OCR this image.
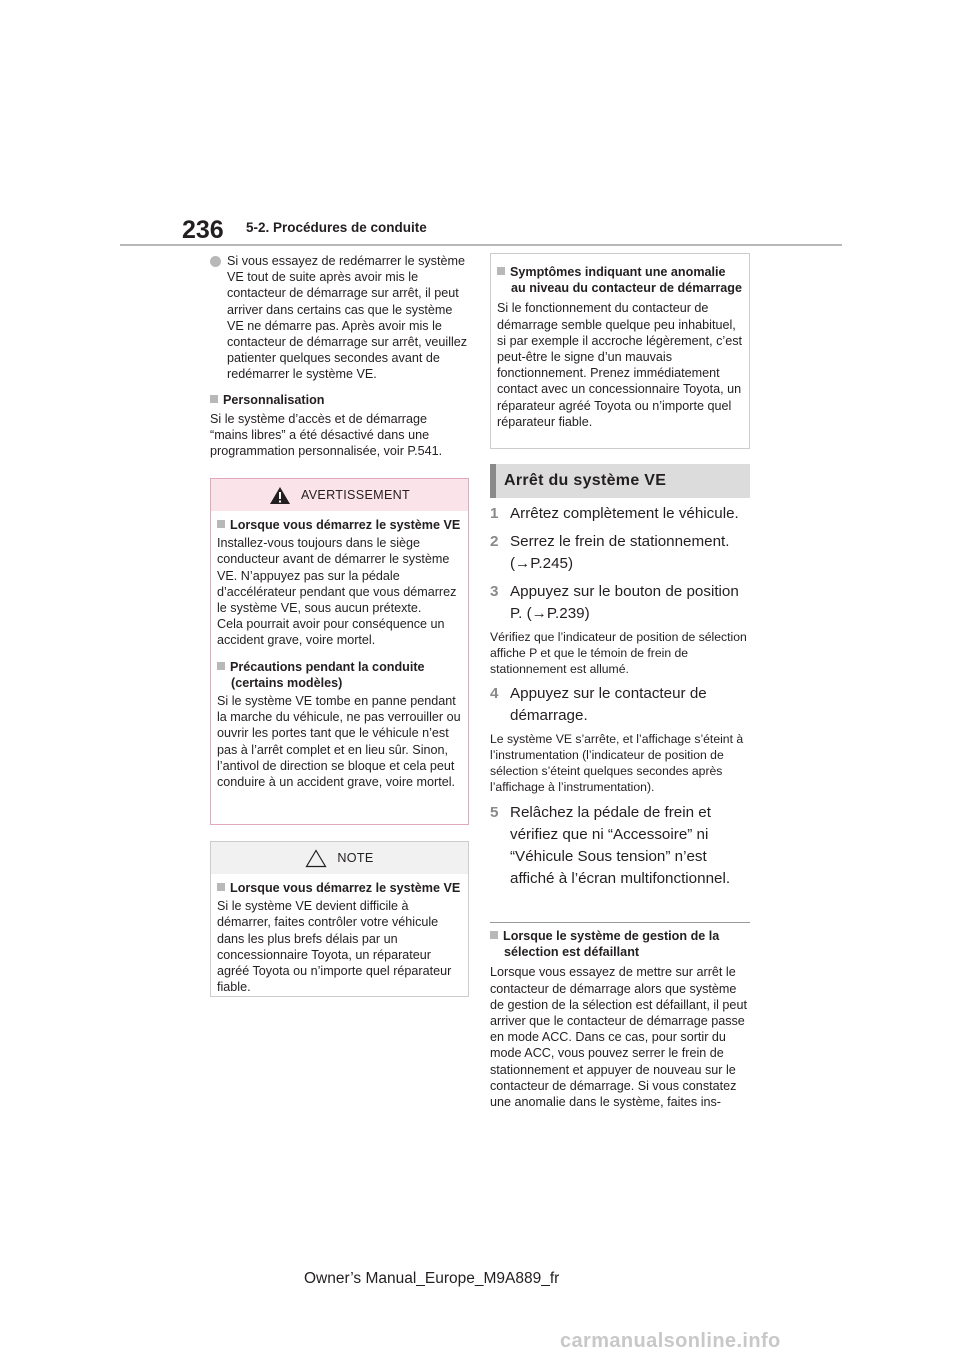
236 5-2. Procédures de conduite

Si vous essayez de redémarrer le système VE tout de suite après avoir mis le contacteur de démarrage sur arrêt, il peut arriver dans certains cas que le système VE ne démarre pas. Après avoir mis le contacteur de démarrage sur arrêt, veuillez patienter quelques secondes avant de redémarrer le système VE.

Personnalisation

Si le système d’accès et de démarrage “mains libres” a été désactivé dans une programmation personnalisée, voir P.541.

AVERTISSEMENT
Lorsque vous démarrez le système VE

Installez-vous toujours dans le siège conducteur avant de démarrer le système VE. N’appuyez pas sur la pédale d’accélérateur pendant que vous démarrez le système VE, sous aucun prétexte.

Cela pourrait avoir pour conséquence un accident grave, voire mortel.

Précautions pendant la conduite (certains modèles)

Si le système VE tombe en panne pendant la marche du véhicule, ne pas verrouiller ou ouvrir les portes tant que le véhicule n’est pas à l’arrêt complet et en lieu sûr. Sinon, l’antivol de direction se bloque et cela peut conduire à un accident grave, voire mortel.

NOTE
Lorsque vous démarrez le système VE

Si le système VE devient difficile à démarrer, faites contrôler votre véhicule dans les plus brefs délais par un concessionnaire Toyota, un réparateur agréé Toyota ou n’importe quel réparateur fiable.

Symptômes indiquant une anomalie au niveau du contacteur de démarrage

Si le fonctionnement du contacteur de démarrage semble quelque peu inhabituel, si par exemple il accroche légèrement, c’est peut-être le signe d’un mauvais fonctionnement. Prenez immédiatement contact avec un concessionnaire Toyota, un réparateur agréé Toyota ou n’importe quel réparateur fiable.

Arrêt du système VE
1 Arrêtez complètement le véhicule.
2 Serrez le frein de stationnement. (→P.245)
3 Appuyez sur le bouton de position P. (→P.239)

Vérifiez que l’indicateur de position de sélection affiche P et que le témoin de frein de stationnement est allumé.

4 Appuyez sur le contacteur de démarrage.

Le système VE s’arrête, et l’affichage s’éteint à l’instrumentation (l’indicateur de position de sélection s’éteint quelques secondes après l’affichage à l’instrumentation).

5 Relâchez la pédale de frein et vérifiez que ni “Accessoire” ni “Véhicule Sous tension” n’est affiché à l’écran multifonctionnel.
Lorsque le système de gestion de la sélection est défaillant

Lorsque vous essayez de mettre sur arrêt le contacteur de démarrage alors que système de gestion de la sélection est défaillant, il peut arriver que le contacteur de démarrage passe en mode ACC. Dans ce cas, pour sortir du mode ACC, vous pouvez serrer le frein de stationnement et appuyer de nouveau sur le contacteur de démarrage. Si vous constatez une anomalie dans le système, faites ins-

Owner’s Manual_Europe_M9A889_fr
carmanualsonline.info
